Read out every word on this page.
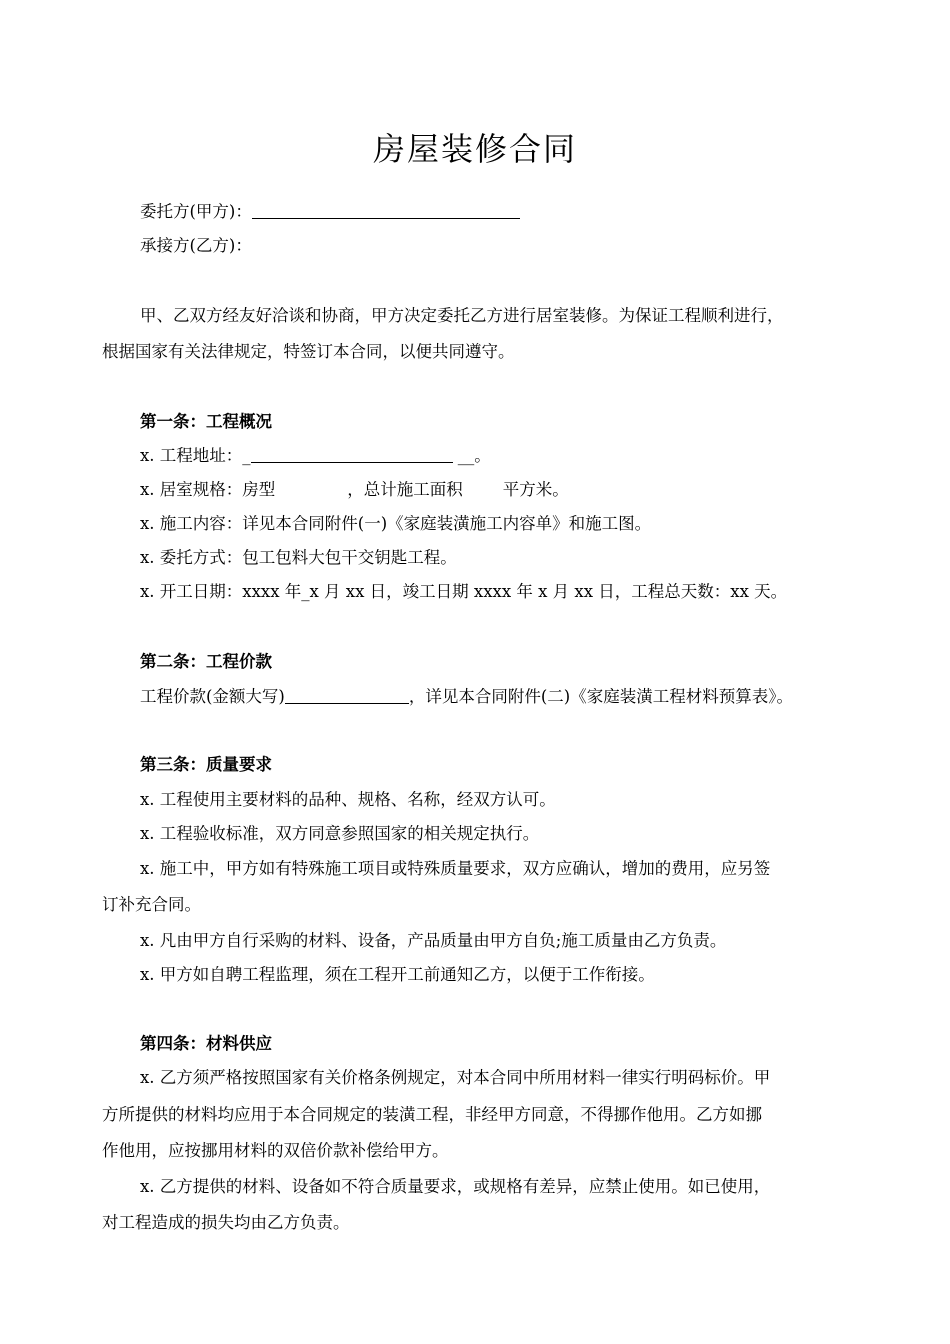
房屋装修合同
委托方(甲方)：
承接方(乙方)：
甲、乙双方经友好洽谈和协商，甲方决定委托乙方进行居室装修。为保证工程顺利进行，
根据国家有关法律规定，特签订本合同，以便共同遵守。
第一条：工程概况
x. 工程地址：_	__。
x. 居室规格：房型	，总计施工面积 平方米。
x. 施工内容：详见本合同附件(一)《家庭装潢施工内容单》和施工图。
x. 委托方式：包工包料大包干交钥匙工程。
x. 开工日期：xxxx 年_x 月 xx 日，竣工日期 xxxx 年 x 月 xx 日，工程总天数：xx 天。
第二条：工程价款
工程价款(金额大写)	，详见本合同附件(二)《家庭装潢工程材料预算表》。
第三条：质量要求
x. 工程使用主要材料的品种、规格、名称，经双方认可。
x. 工程验收标准，双方同意参照国家的相关规定执行。
x. 施工中，甲方如有特殊施工项目或特殊质量要求，双方应确认，增加的费用，应另签
订补充合同。
x. 凡由甲方自行采购的材料、设备，产品质量由甲方自负;施工质量由乙方负责。
x. 甲方如自聘工程监理，须在工程开工前通知乙方，以便于工作衔接。
第四条：材料供应
x. 乙方须严格按照国家有关价格条例规定，对本合同中所用材料一律实行明码标价。甲
方所提供的材料均应用于本合同规定的装潢工程，非经甲方同意，不得挪作他用。乙方如挪
作他用，应按挪用材料的双倍价款补偿给甲方。
x. 乙方提供的材料、设备如不符合质量要求，或规格有差异，应禁止使用。如已使用，
对工程造成的损失均由乙方负责。
